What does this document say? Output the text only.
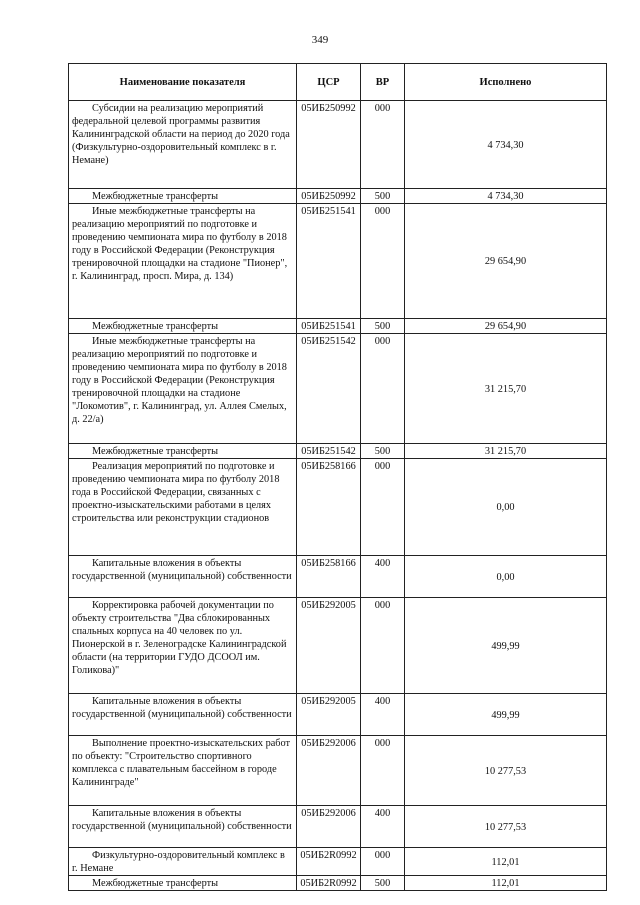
349
Наименование показателя	ЦСР	ВР	Исполнено
Субсидии на реализацию мероприятий федеральной целевой программы развития Калининградской области на период до 2020 года (Физкультурно-оздоровительный комплекс в г. Немане)	05ИБ250992	000	4 734,30
Межбюджетные трансферты	05ИБ250992	500	4 734,30
Иные межбюджетные трансферты на реализацию мероприятий по подготовке и проведению чемпионата мира по футболу в 2018 году в Российской Федерации (Реконструкция тренировочной площадки на стадионе "Пионер", г. Калининград, просп. Мира, д. 134)	05ИБ251541	000	29 654,90
Межбюджетные трансферты	05ИБ251541	500	29 654,90
Иные межбюджетные трансферты на реализацию мероприятий по подготовке и проведению чемпионата мира по футболу в 2018 году в Российской Федерации (Реконструкция тренировочной площадки на стадионе "Локомотив", г. Калининград, ул. Аллея Смелых, д. 22/а)	05ИБ251542	000	31 215,70
Межбюджетные трансферты	05ИБ251542	500	31 215,70
Реализация мероприятий по подготовке и проведению чемпионата мира по футболу 2018 года в Российской Федерации, связанных с проектно-изыскательскими работами в целях строительства или реконструкции стадионов	05ИБ258166	000	0,00
Капитальные вложения в объекты государственной (муниципальной) собственности	05ИБ258166	400	0,00
Корректировка рабочей документации по объекту строительства "Два сблокированных спальных корпуса на 40 человек по ул. Пионерской в г. Зеленоградске Калининградской области (на территории ГУДО ДСООЛ им. Голикова)"	05ИБ292005	000	499,99
Капитальные вложения в объекты государственной (муниципальной) собственности	05ИБ292005	400	499,99
Выполнение проектно-изыскательских работ по объекту: "Строительство спортивного комплекса с плавательным бассейном в городе Калининграде"	05ИБ292006	000	10 277,53
Капитальные вложения в объекты государственной (муниципальной) собственности	05ИБ292006	400	10 277,53
Физкультурно-оздоровительный комплекс в г. Немане	05ИБ2R0992	000	112,01
Межбюджетные трансферты	05ИБ2R0992	500	112,01
